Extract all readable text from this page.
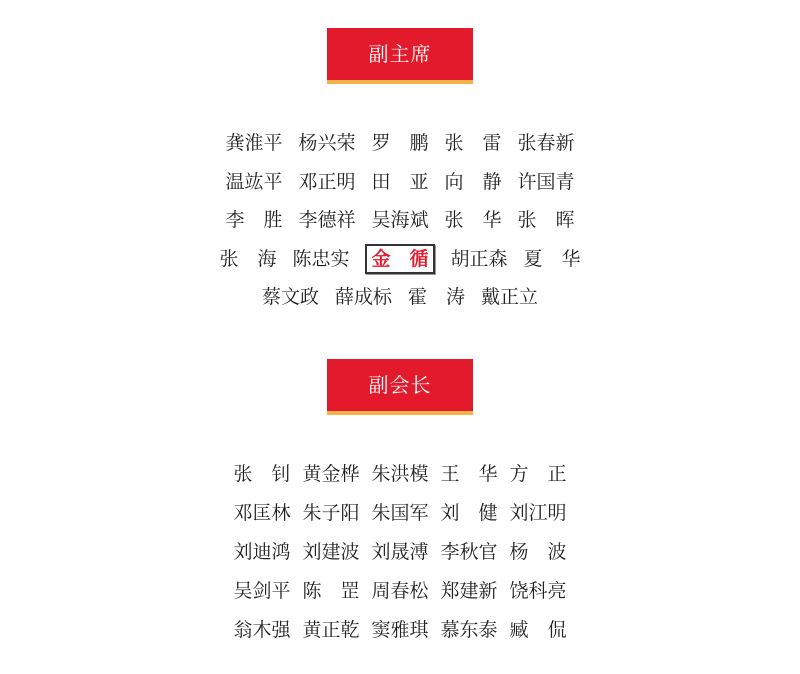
副主席
龚淮平 杨兴荣 罗　鹏 张　雷 张春新
温竑平 邓正明 田　亚 向　静 许国青
李　胜 李德祥 吴海斌 张　华 张　晖
张　海 陈忠实	金　循	胡正森 夏　华
蔡文政 薛成标 霍　涛 戴正立
副会长
张　钊 黄金桦 朱洪模 王　华 方　正
邓匡林 朱子阳 朱国军 刘　健 刘江明
刘迪鸿 刘建波 刘晟溥 李秋官 杨　波
吴剑平 陈　罡 周春松 郑建新 饶科亮
翁木强 黄正乾 窦雅琪 慕东泰 臧　侃
